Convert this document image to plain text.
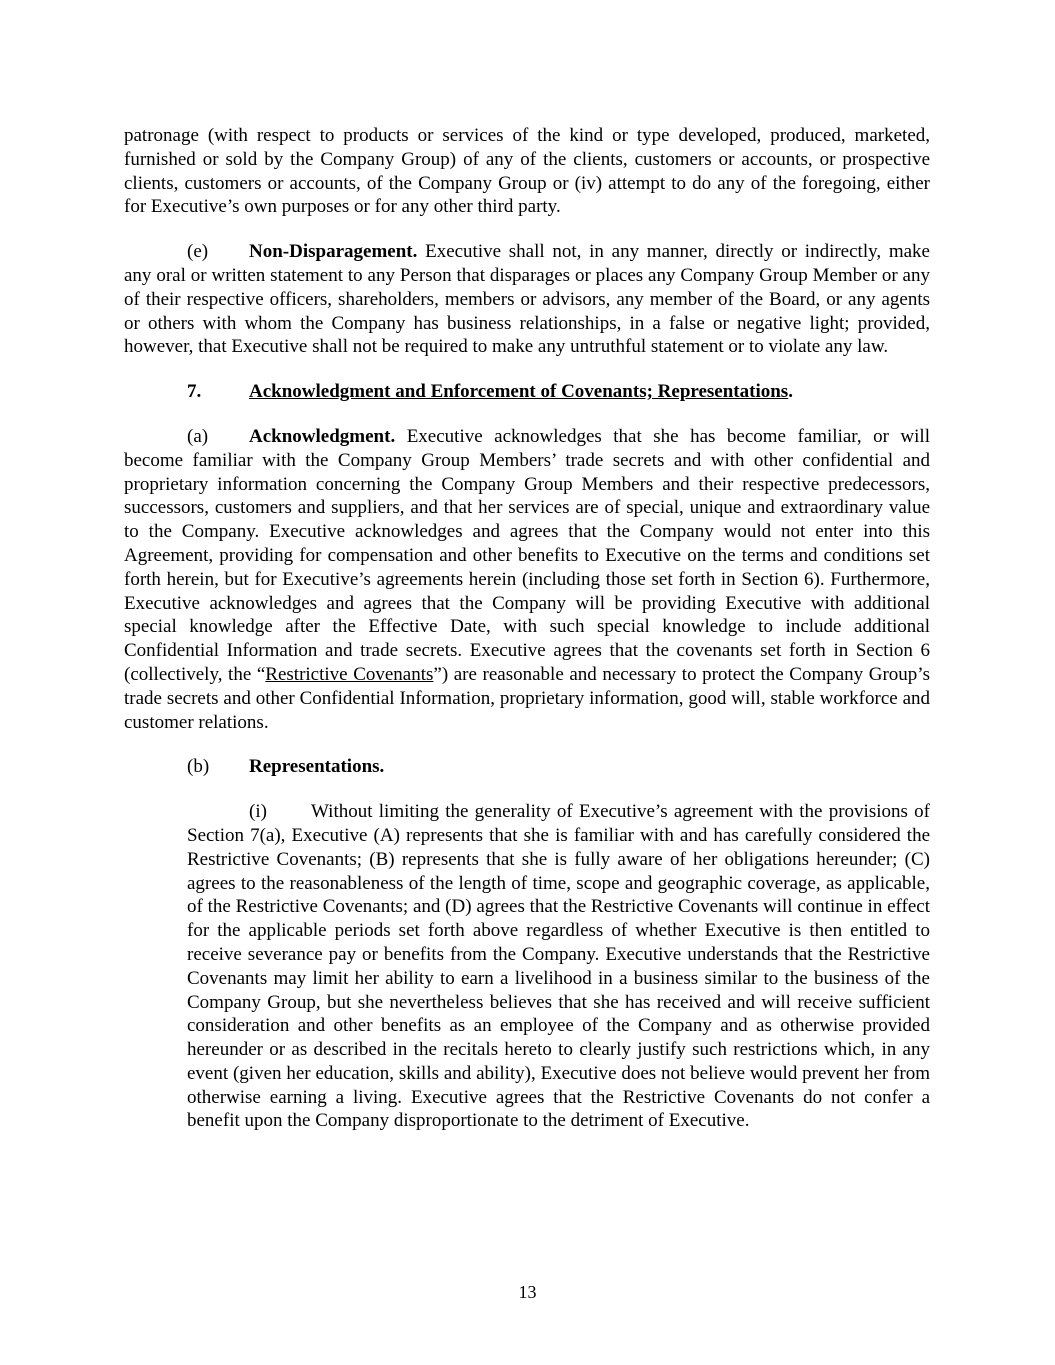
patronage (with respect to products or services of the kind or type developed, produced, marketed, furnished or sold by the Company Group) of any of the clients, customers or accounts, or prospective clients, customers or accounts, of the Company Group or (iv) attempt to do any of the foregoing, either for Executive’s own purposes or for any other third party.

(e) Non-Disparagement. Executive shall not, in any manner, directly or indirectly, make any oral or written statement to any Person that disparages or places any Company Group Member or any of their respective officers, shareholders, members or advisors, any member of the Board, or any agents or others with whom the Company has business relationships, in a false or negative light; provided, however, that Executive shall not be required to make any untruthful statement or to violate any law.

7.	Acknowledgment and Enforcement of Covenants; Representations.

(a) Acknowledgment. Executive acknowledges that she has become familiar, or will become familiar with the Company Group Members’ trade secrets and with other confidential and proprietary information concerning the Company Group Members and their respective predecessors, successors, customers and suppliers, and that her services are of special, unique and extraordinary value to the Company. Executive acknowledges and agrees that the Company would not enter into this Agreement, providing for compensation and other benefits to Executive on the terms and conditions set forth herein, but for Executive’s agreements herein (including those set forth in Section 6). Furthermore, Executive acknowledges and agrees that the Company will be providing Executive with additional special knowledge after the Effective Date, with such special knowledge to include additional Confidential Information and trade secrets. Executive agrees that the covenants set forth in Section 6 (collectively, the “Restrictive Covenants”) are reasonable and necessary to protect the Company Group’s trade secrets and other Confidential Information, proprietary information, good will, stable workforce and customer relations.

(b) Representations.

(i) Without limiting the generality of Executive’s agreement with the provisions of Section 7(a), Executive (A) represents that she is familiar with and has carefully considered the Restrictive Covenants; (B) represents that she is fully aware of her obligations hereunder; (C) agrees to the reasonableness of the length of time, scope and geographic coverage, as applicable, of the Restrictive Covenants; and (D) agrees that the Restrictive Covenants will continue in effect for the applicable periods set forth above regardless of whether Executive is then entitled to receive severance pay or benefits from the Company. Executive understands that the Restrictive Covenants may limit her ability to earn a livelihood in a business similar to the business of the Company Group, but she nevertheless believes that she has received and will receive sufficient consideration and other benefits as an employee of the Company and as otherwise provided hereunder or as described in the recitals hereto to clearly justify such restrictions which, in any event (given her education, skills and ability), Executive does not believe would prevent her from otherwise earning a living. Executive agrees that the Restrictive Covenants do not confer a benefit upon the Company disproportionate to the detriment of Executive.

13
